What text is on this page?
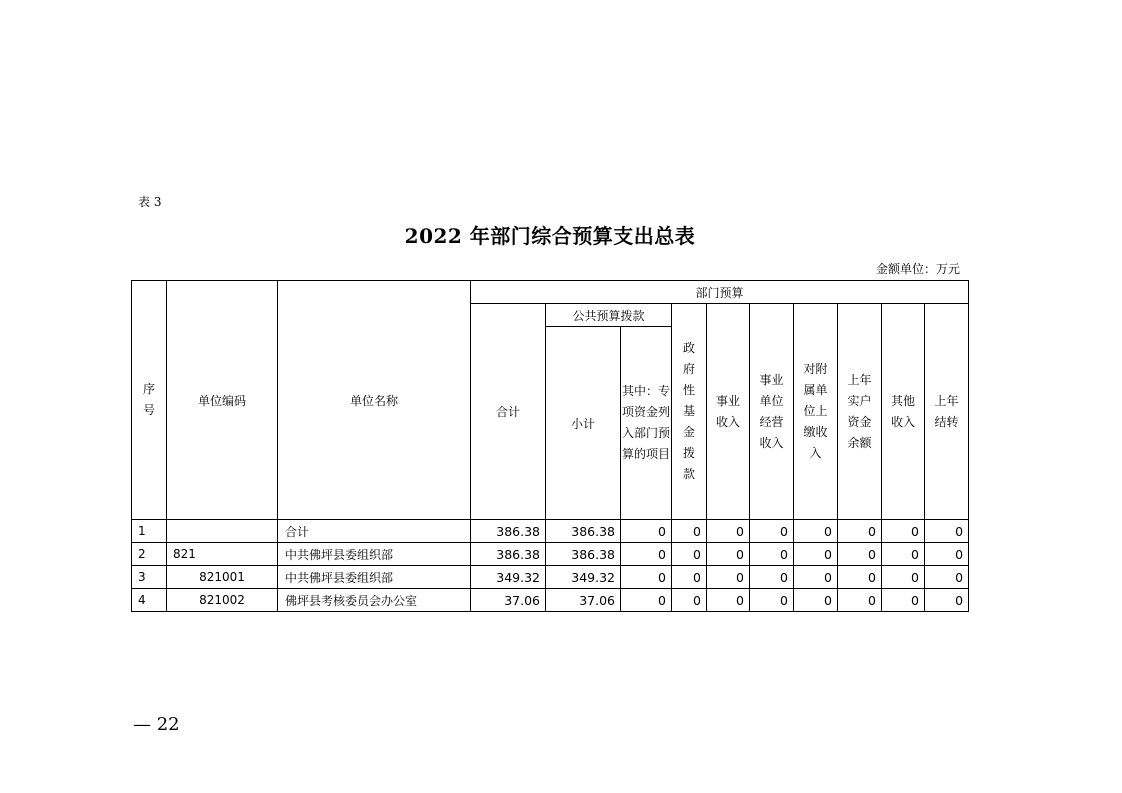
表 3
2022 年部门综合预算支出总表
金额单位：万元
序号	单位编码	单位名称	部门预算									
			合计	公共预算拨款		政府性基金拨款	事业收入	事业单位经营收入	对附属单位上缴收入	上年实户资金余额	其他收入	上年结转
				小计	其中：专项资金列入部门预算的项目							
1		合计	386.38	386.38	0	0	0	0	0	0	0	0
2	821	中共佛坪县委组织部	386.38	386.38	0	0	0	0	0	0	0	0
3	821001	中共佛坪县委组织部	349.32	349.32	0	0	0	0	0	0	0	0
4	821002	佛坪县考核委员会办公室	37.06	37.06	0	0	0	0	0	0	0	0
— 22
